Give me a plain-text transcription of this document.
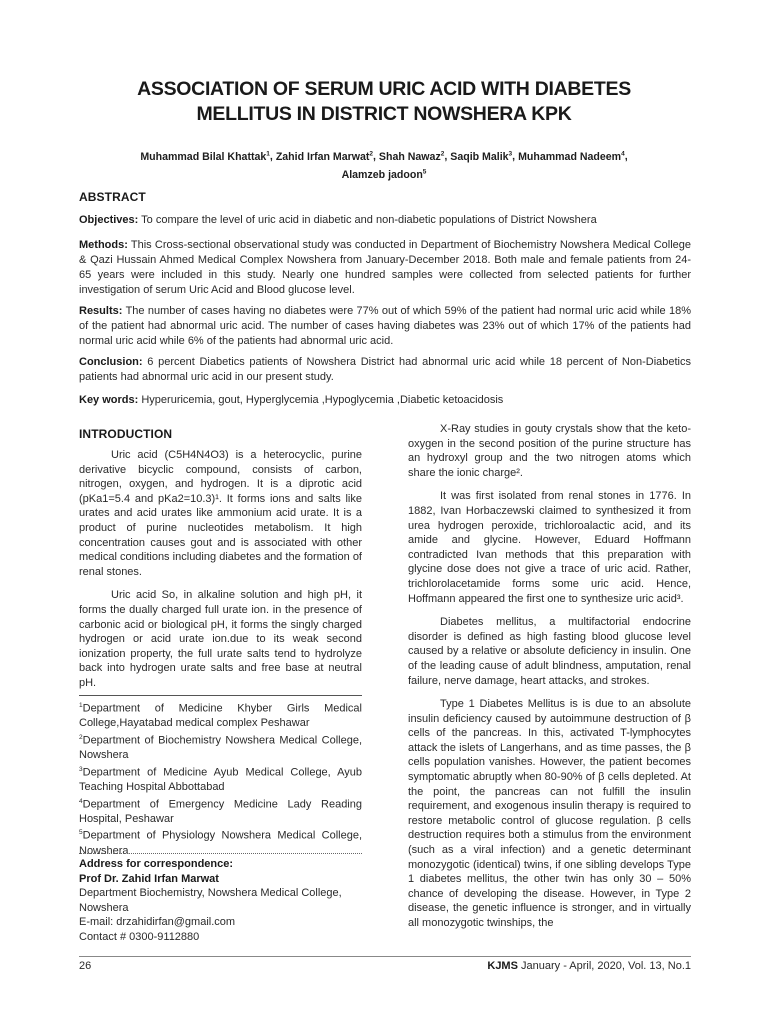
ASSOCIATION OF SERUM URIC ACID WITH DIABETES MELLITUS IN DISTRICT NOWSHERA KPK
Muhammad Bilal Khattak$^1$, Zahid Irfan Marwat$^2$, Shah Nawaz$^2$, Saqib Malik$^3$, Muhammad Nadeem$^4$,
Alamzeb jadoon$^5$
ABSTRACT
Objectives: To compare the level of uric acid in diabetic and non-diabetic populations of District Nowshera
Methods: This Cross-sectional observational study was conducted in Department of Biochemistry Nowshera Medical College & Qazi Hussain Ahmed Medical Complex Nowshera from January-December 2018. Both male and female patients from 24-65 years were included in this study. Nearly one hundred samples were collected from selected patients for further investigation of serum Uric Acid and Blood glucose level.
Results: The number of cases having no diabetes were 77% out of which 59% of the patient had normal uric acid while 18% of the patient had abnormal uric acid. The number of cases having diabetes was 23% out of which 17% of the patients had normal uric acid while 6% of the patients had abnormal uric acid.
Conclusion: 6 percent Diabetics patients of Nowshera District had abnormal uric acid while 18 percent of Non-Diabetics patients had abnormal uric acid in our present study.
Key words: Hyperuricemia, gout, Hyperglycemia ,Hypoglycemia ,Diabetic ketoacidosis
INTRODUCTION

Uric acid (C5H4N4O3) is a heterocyclic, purine derivative bicyclic compound, consists of carbon, nitrogen, oxygen, and hydrogen. It is a diprotic acid (pKa1=5.4 and pKa2=10.3)¹. It forms ions and salts like urates and acid urates like ammonium acid urate. It is a product of purine nucleotides metabolism. It high concentration causes gout and is associated with other medical conditions including diabetes and the formation of renal stones.

Uric acid So, in alkaline solution and high pH, it forms the dually charged full urate ion. in the presence of carbonic acid or biological pH, it forms the singly charged hydrogen or acid urate ion.due to its weak second ionization property, the full urate salts tend to hydrolyze back into hydrogen urate salts and free base at neutral pH.

$^1$Department of Medicine Khyber Girls Medical College,Hayatabad medical complex Peshawar
$^2$Department of Biochemistry Nowshera Medical College, Nowshera
$^3$Department of Medicine Ayub Medical College, Ayub Teaching Hospital Abbottabad
$^4$Department of Emergency Medicine Lady Reading Hospital, Peshawar
$^5$Department of Physiology Nowshera Medical College, Nowshera
Address for correspondence:
Prof Dr. Zahid Irfan Marwat
Department Biochemistry, Nowshera Medical College, Nowshera
E-mail: drzahidirfan@gmail.com
Contact # 0300-9112880

X-Ray studies in gouty crystals show that the keto-oxygen in the second position of the purine structure has an hydroxyl group and the two nitrogen atoms which share the ionic charge².

It was first isolated from renal stones in 1776. In 1882, Ivan Horbaczewski claimed to synthesized it from urea hydrogen peroxide, trichloroalactic acid, and its amide and glycine. However, Eduard Hoffmann contradicted Ivan methods that this preparation with glycine dose does not give a trace of uric acid. Rather, trichlorolacetamide forms some uric acid. Hence, Hoffmann appeared the first one to synthesize uric acid³.

Diabetes mellitus, a multifactorial endocrine disorder is defined as high fasting blood glucose level caused by a relative or absolute deficiency in insulin. One of the leading cause of adult blindness, amputation, renal failure, nerve damage, heart attacks, and strokes.

Type 1 Diabetes Mellitus is is due to an absolute insulin deficiency caused by autoimmune destruction of β cells of the pancreas. In this, activated T-lymphocytes attack the islets of Langerhans, and as time passes, the β cells population vanishes. However, the patient becomes symptomatic abruptly when 80-90% of β cells depleted. At the point, the pancreas can not fulfill the insulin requirement, and exogenous insulin therapy is required to restore metabolic control of glucose regulation. β cells destruction requires both a stimulus from the environment (such as a viral infection) and a genetic determinant monozygotic (identical) twins, if one sibling develops Type 1 diabetes mellitus, the other twin has only 30 – 50% chance of developing the disease. However, in Type 2 disease, the genetic influence is stronger, and in virtually all monozygotic twinships, the

26	KJMS January - April, 2020, Vol. 13, No.1
